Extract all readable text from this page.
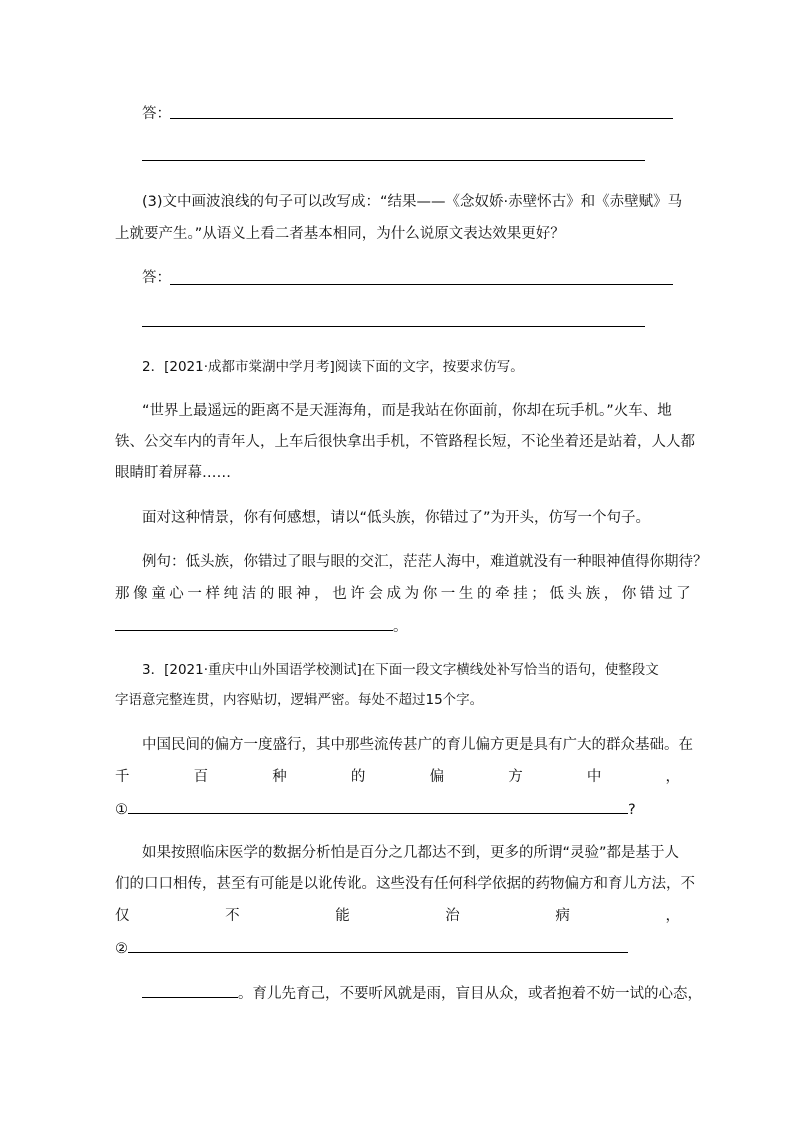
答：
(3)文中画波浪线的句子可以改写成：“结果——《念奴娇·赤壁怀古》和《赤壁赋》马
上就要产生。”从语义上看二者基本相同，为什么说原文表达效果更好？
答：
2．[2021·成都市棠湖中学月考]阅读下面的文字，按要求仿写。
“世界上最遥远的距离不是天涯海角，而是我站在你面前，你却在玩手机。”火车、地
铁、公交车内的青年人，上车后很快拿出手机，不管路程长短，不论坐着还是站着，人人都
眼睛盯着屏幕……
面对这种情景，你有何感想，请以“低头族，你错过了”为开头，仿写一个句子。
例句：低头族，你错过了眼与眼的交汇，茫茫人海中，难道就没有一种眼神值得你期待？
那像童心一样纯洁的眼神，也许会成为你一生的牵挂；低头族，你错过了
。
3．[2021·重庆中山外国语学校测试]在下面一段文字横线处补写恰当的语句，使整段文
字语意完整连贯，内容贴切，逻辑严密。每处不超过15个字。
中国民间的偏方一度盛行，其中那些流传甚广的育儿偏方更是具有广大的群众基础。在
千	百	种	的	偏	方	中	，
①	?
如果按照临床医学的数据分析怕是百分之几都达不到，更多的所谓“灵验”都是基于人
们的口口相传，甚至有可能是以讹传讹。这些没有任何科学依据的药物偏方和育儿方法，不
仅	不	能	治	病	，
②
。育儿先育己，不要听风就是雨，盲目从众，或者抱着不妨一试的心态，
